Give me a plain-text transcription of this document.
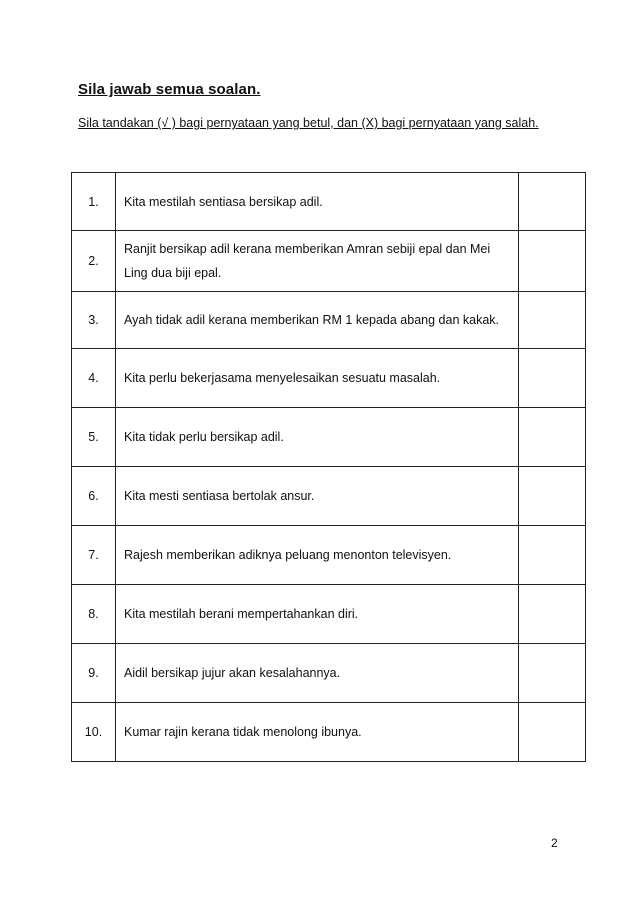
Sila jawab semua soalan.
Sila tandakan (√ ) bagi pernyataan yang betul, dan (X) bagi pernyataan yang salah.
1.	Kita mestilah sentiasa bersikap adil.	
2.	Ranjit bersikap adil kerana memberikan Amran sebiji epal dan Mei Ling dua biji epal.	
3.	Ayah tidak adil kerana memberikan RM 1 kepada abang dan kakak.	
4.	Kita perlu bekerjasama menyelesaikan sesuatu masalah.	
5.	Kita tidak perlu bersikap adil.	
6.	Kita mesti sentiasa bertolak ansur.	
7.	Rajesh memberikan adiknya peluang menonton televisyen.	
8.	Kita mestilah berani mempertahankan diri.	
9.	Aidil bersikap jujur akan kesalahannya.	
10.	Kumar rajin kerana tidak menolong ibunya.	
2
